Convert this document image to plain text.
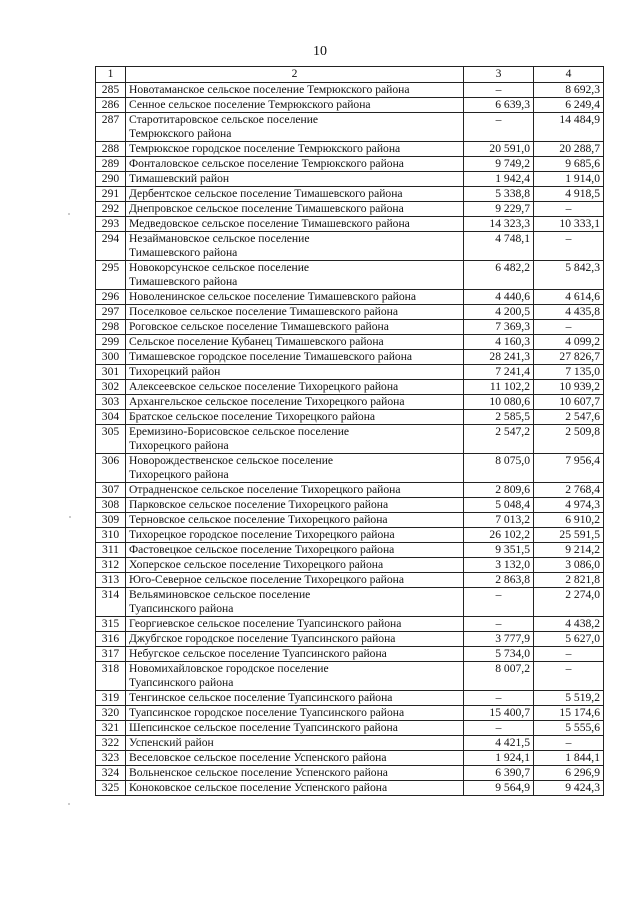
10
1	2	3	4
285	Новотаманское сельское поселение Темрюкского района	–	8 692,3
286	Сенное сельское поселение Темрюкского района	6 639,3	6 249,4
287	Старотитаровское сельское поселение
Темрюкского района	–	14 484,9
288	Темрюкское городское поселение Темрюкского района	20 591,0	20 288,7
289	Фонталовское сельское поселение Темрюкского района	9 749,2	9 685,6
290	Тимашевский район	1 942,4	1 914,0
291	Дербентское сельское поселение Тимашевского района	5 338,8	4 918,5
292	Днепровское сельское поселение Тимашевского района	9 229,7	–
293	Медведовское сельское поселение Тимашевского района	14 323,3	10 333,1
294	Незаймановское сельское поселение
Тимашевского района	4 748,1	–
295	Новокорсунское сельское поселение
Тимашевского района	6 482,2	5 842,3
296	Новоленинское сельское поселение Тимашевского района	4 440,6	4 614,6
297	Поселковое сельское поселение Тимашевского района	4 200,5	4 435,8
298	Роговское сельское поселение Тимашевского района	7 369,3	–
299	Сельское поселение Кубанец Тимашевского района	4 160,3	4 099,2
300	Тимашевское городское поселение Тимашевского района	28 241,3	27 826,7
301	Тихорецкий район	7 241,4	7 135,0
302	Алексеевское сельское поселение Тихорецкого района	11 102,2	10 939,2
303	Архангельское сельское поселение Тихорецкого района	10 080,6	10 607,7
304	Братское сельское поселение Тихорецкого района	2 585,5	2 547,6
305	Еремизино-Борисовское сельское поселение
Тихорецкого района	2 547,2	2 509,8
306	Новорождественское сельское поселение
Тихорецкого района	8 075,0	7 956,4
307	Отрадненское сельское поселение Тихорецкого района	2 809,6	2 768,4
308	Парковское сельское поселение Тихорецкого района	5 048,4	4 974,3
309	Терновское сельское поселение Тихорецкого района	7 013,2	6 910,2
310	Тихорецкое городское поселение Тихорецкого района	26 102,2	25 591,5
311	Фастовецкое сельское поселение Тихорецкого района	9 351,5	9 214,2
312	Хоперское сельское поселение Тихорецкого района	3 132,0	3 086,0
313	Юго-Северное сельское поселение Тихорецкого района	2 863,8	2 821,8
314	Вельяминовское сельское поселение
Туапсинского района	–	2 274,0
315	Георгиевское сельское поселение Туапсинского района	–	4 438,2
316	Джубгское городское поселение Туапсинского района	3 777,9	5 627,0
317	Небугское сельское поселение Туапсинского района	5 734,0	–
318	Новомихайловское городское поселение
Туапсинского района	8 007,2	–
319	Тенгинское сельское поселение Туапсинского района	–	5 519,2
320	Туапсинское городское поселение Туапсинского района	15 400,7	15 174,6
321	Шепсинское сельское поселение Туапсинского района	–	5 555,6
322	Успенский район	4 421,5	–
323	Веселовское сельское поселение Успенского района	1 924,1	1 844,1
324	Вольненское сельское поселение Успенского района	6 390,7	6 296,9
325	Коноковское сельское поселение Успенского района	9 564,9	9 424,3
